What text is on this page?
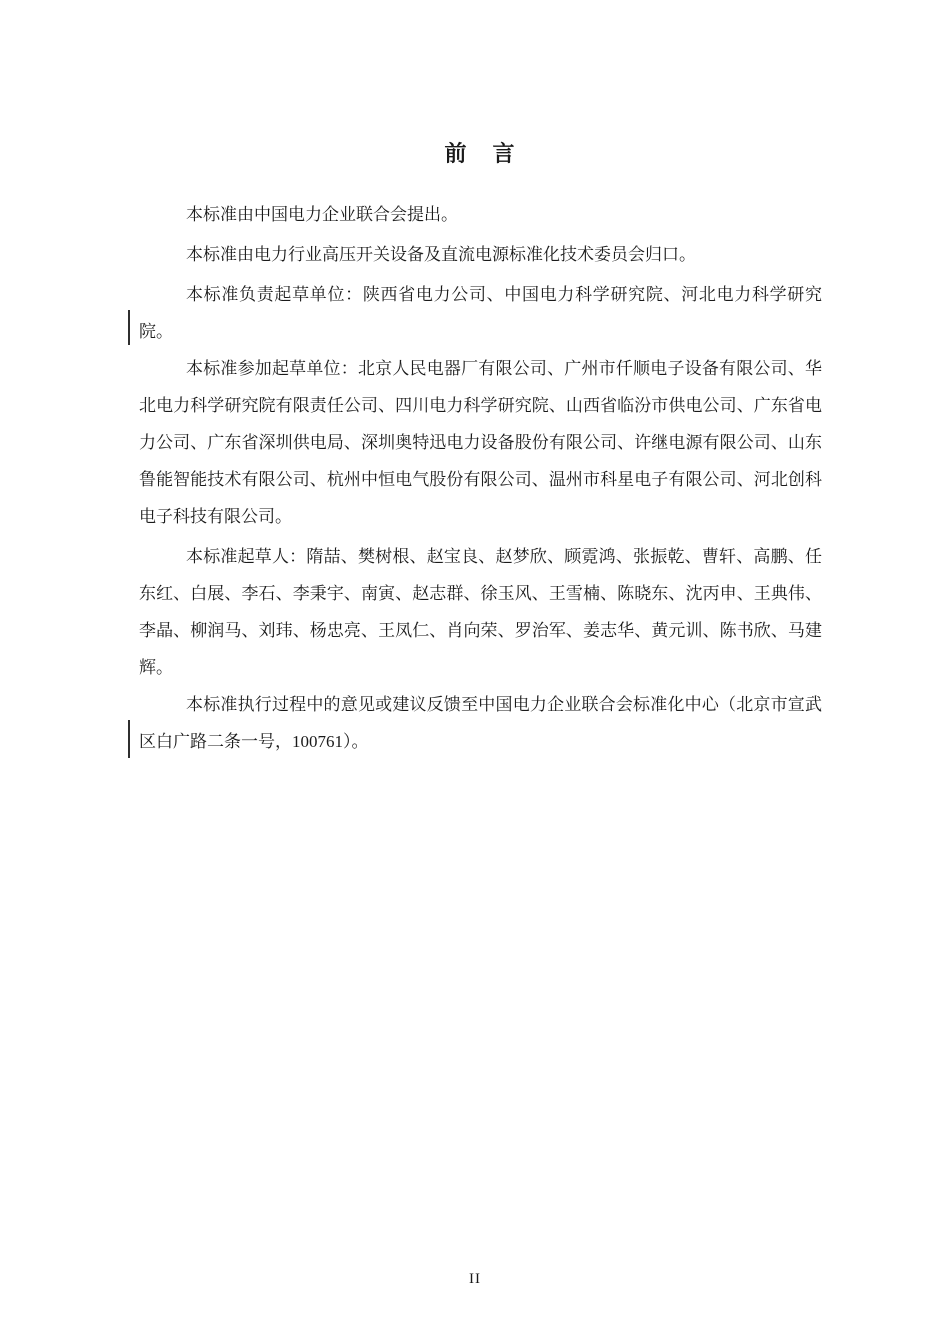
前　言

本标准由中国电力企业联合会提出。

本标准由电力行业高压开关设备及直流电源标准化技术委员会归口。

本标准负责起草单位：陕西省电力公司、中国电力科学研究院、河北电力科学研究院。

本标准参加起草单位：北京人民电器厂有限公司、广州市仟顺电子设备有限公司、华北电力科学研究院有限责任公司、四川电力科学研究院、山西省临汾市供电公司、广东省电力公司、广东省深圳供电局、深圳奥特迅电力设备股份有限公司、许继电源有限公司、山东鲁能智能技术有限公司、杭州中恒电气股份有限公司、温州市科星电子有限公司、河北创科电子科技有限公司。

本标准起草人：隋喆、樊树根、赵宝良、赵梦欣、顾霓鸿、张振乾、曹轩、高鹏、任东红、白展、李石、李秉宇、南寅、赵志群、徐玉风、王雪楠、陈晓东、沈丙申、王典伟、李晶、柳润马、刘玮、杨忠亮、王凤仁、肖向荣、罗治军、姜志华、黄元训、陈书欣、马建辉。

本标准执行过程中的意见或建议反馈至中国电力企业联合会标准化中心（北京市宣武区白广路二条一号，100761）。

II
